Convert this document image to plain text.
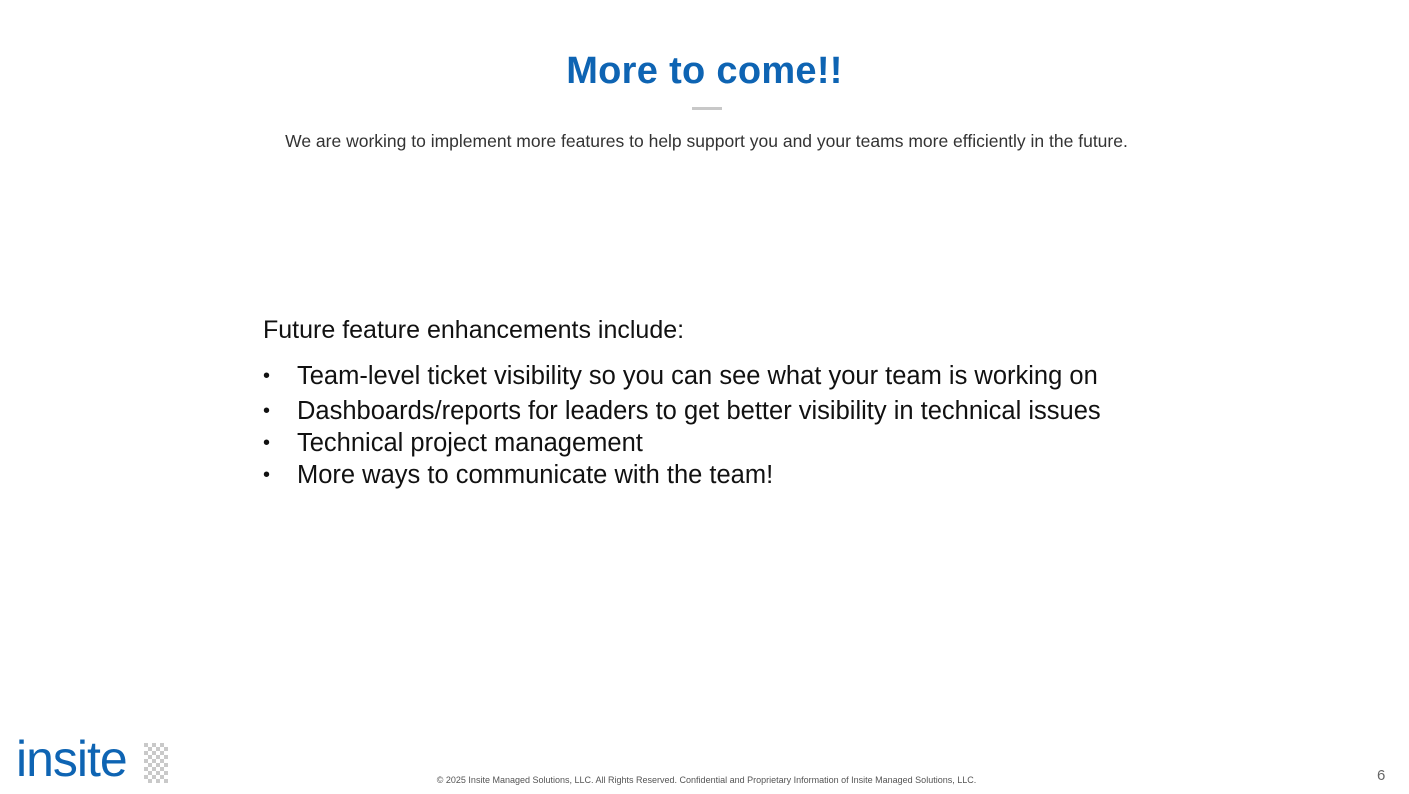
More to come!!

We are working to implement more features to help support you and your teams more efficiently in the future.

Future feature enhancements include:

• Team-level ticket visibility so you can see what your team is working on
• Dashboards/reports for leaders to get better visibility in technical issues
• Technical project management
• More ways to communicate with the team!
insite	© 2025 Insite Managed Solutions, LLC. All Rights Reserved. Confidential and Proprietary Information of Insite Managed Solutions, LLC.	6
